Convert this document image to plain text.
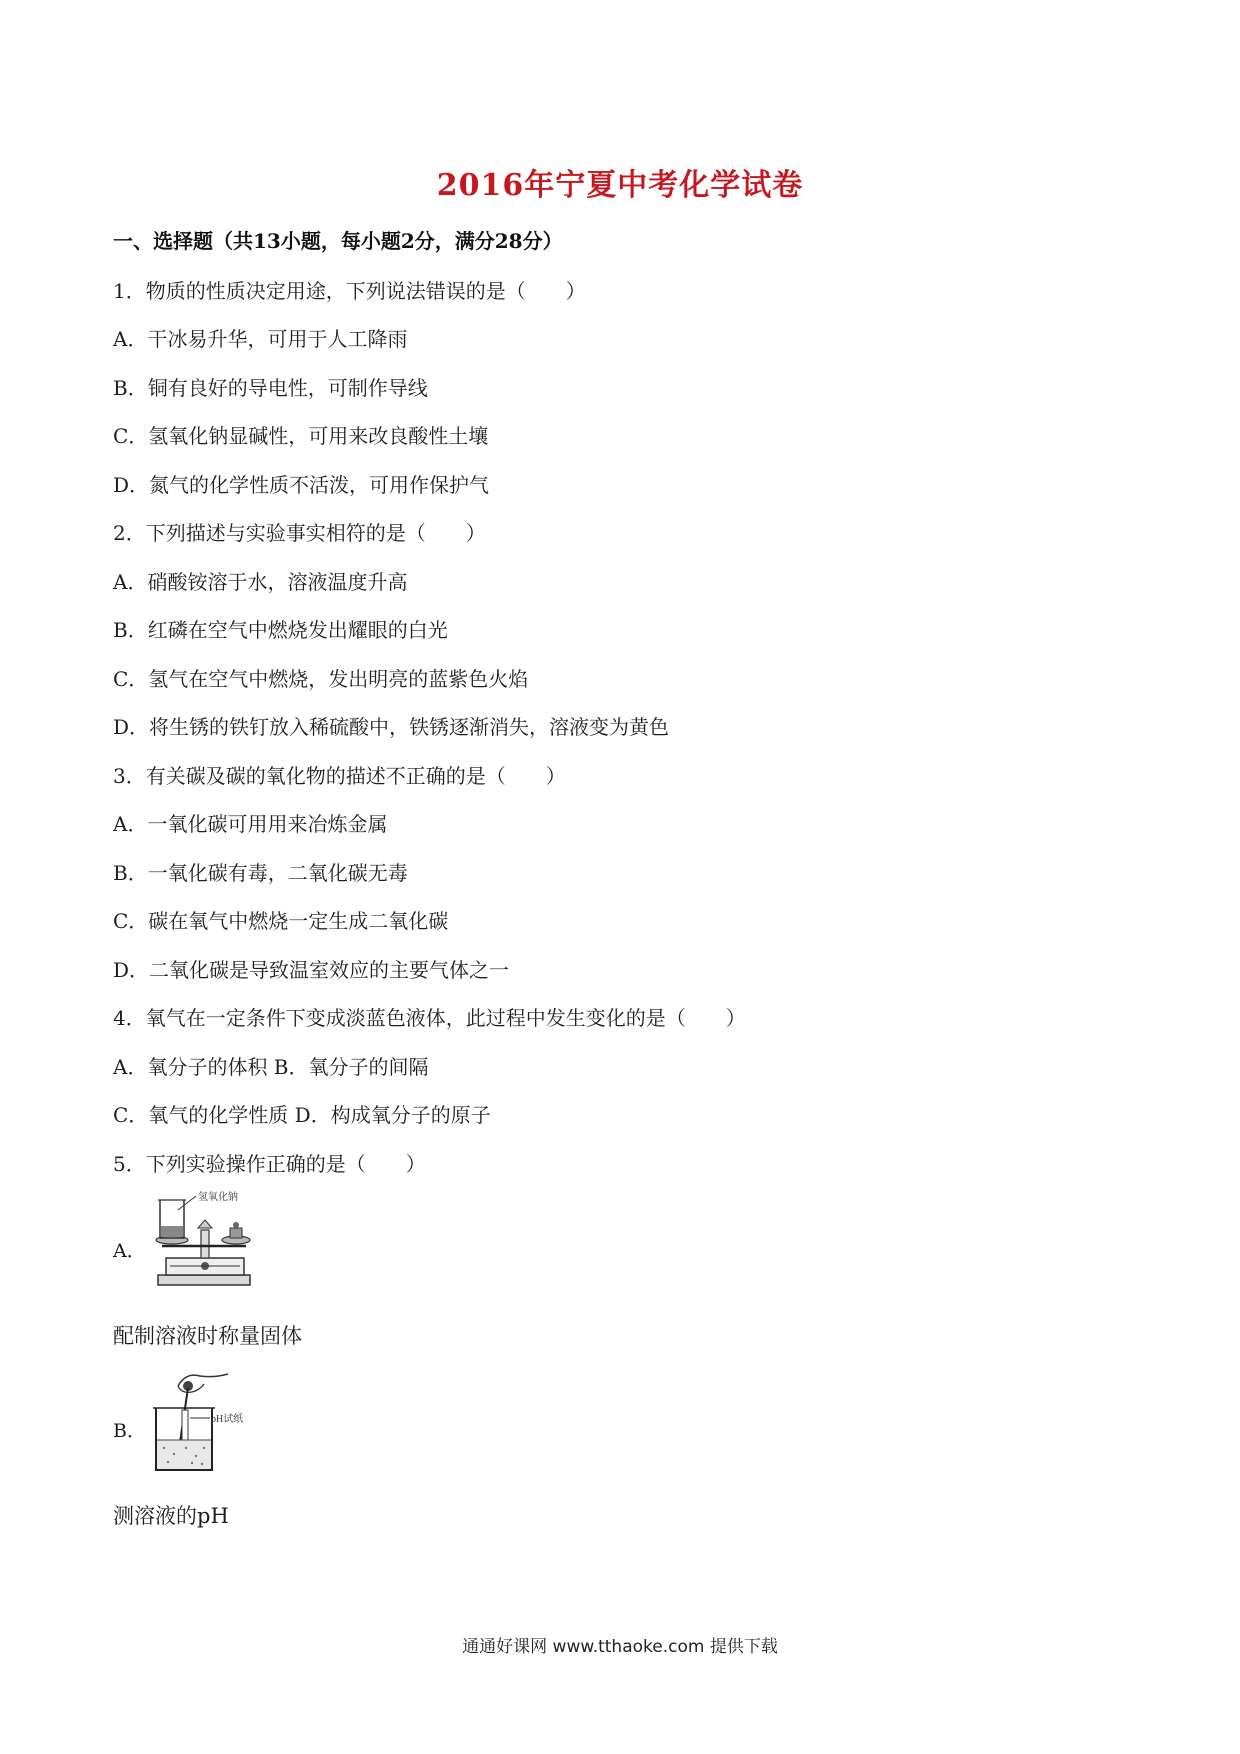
2016年宁夏中考化学试卷
一、选择题（共13小题，每小题2分，满分28分）
1．物质的性质决定用途，下列说法错误的是（　　）
A．干冰易升华，可用于人工降雨
B．铜有良好的导电性，可制作导线
C．氢氧化钠显碱性，可用来改良酸性土壤
D．氮气的化学性质不活泼，可用作保护气
2．下列描述与实验事实相符的是（　　）
A．硝酸铵溶于水，溶液温度升高
B．红磷在空气中燃烧发出耀眼的白光
C．氢气在空气中燃烧，发出明亮的蓝紫色火焰
D．将生锈的铁钉放入稀硫酸中，铁锈逐渐消失，溶液变为黄色
3．有关碳及碳的氧化物的描述不正确的是（　　）
A．一氧化碳可用用来冶炼金属
B．一氧化碳有毒，二氧化碳无毒
C．碳在氧气中燃烧一定生成二氧化碳
D．二氧化碳是导致温室效应的主要气体之一
4．氧气在一定条件下变成淡蓝色液体，此过程中发生变化的是（　　）
A．氧分子的体积 B．氧分子的间隔
C．氧气的化学性质 D．构成氧分子的原子
5．下列实验操作正确的是（　　）
A．
氢氧化钠
配制溶液时称量固体
B．
pH试纸
测溶液的pH
通通好课网 www.tthaoke.com 提供下载
